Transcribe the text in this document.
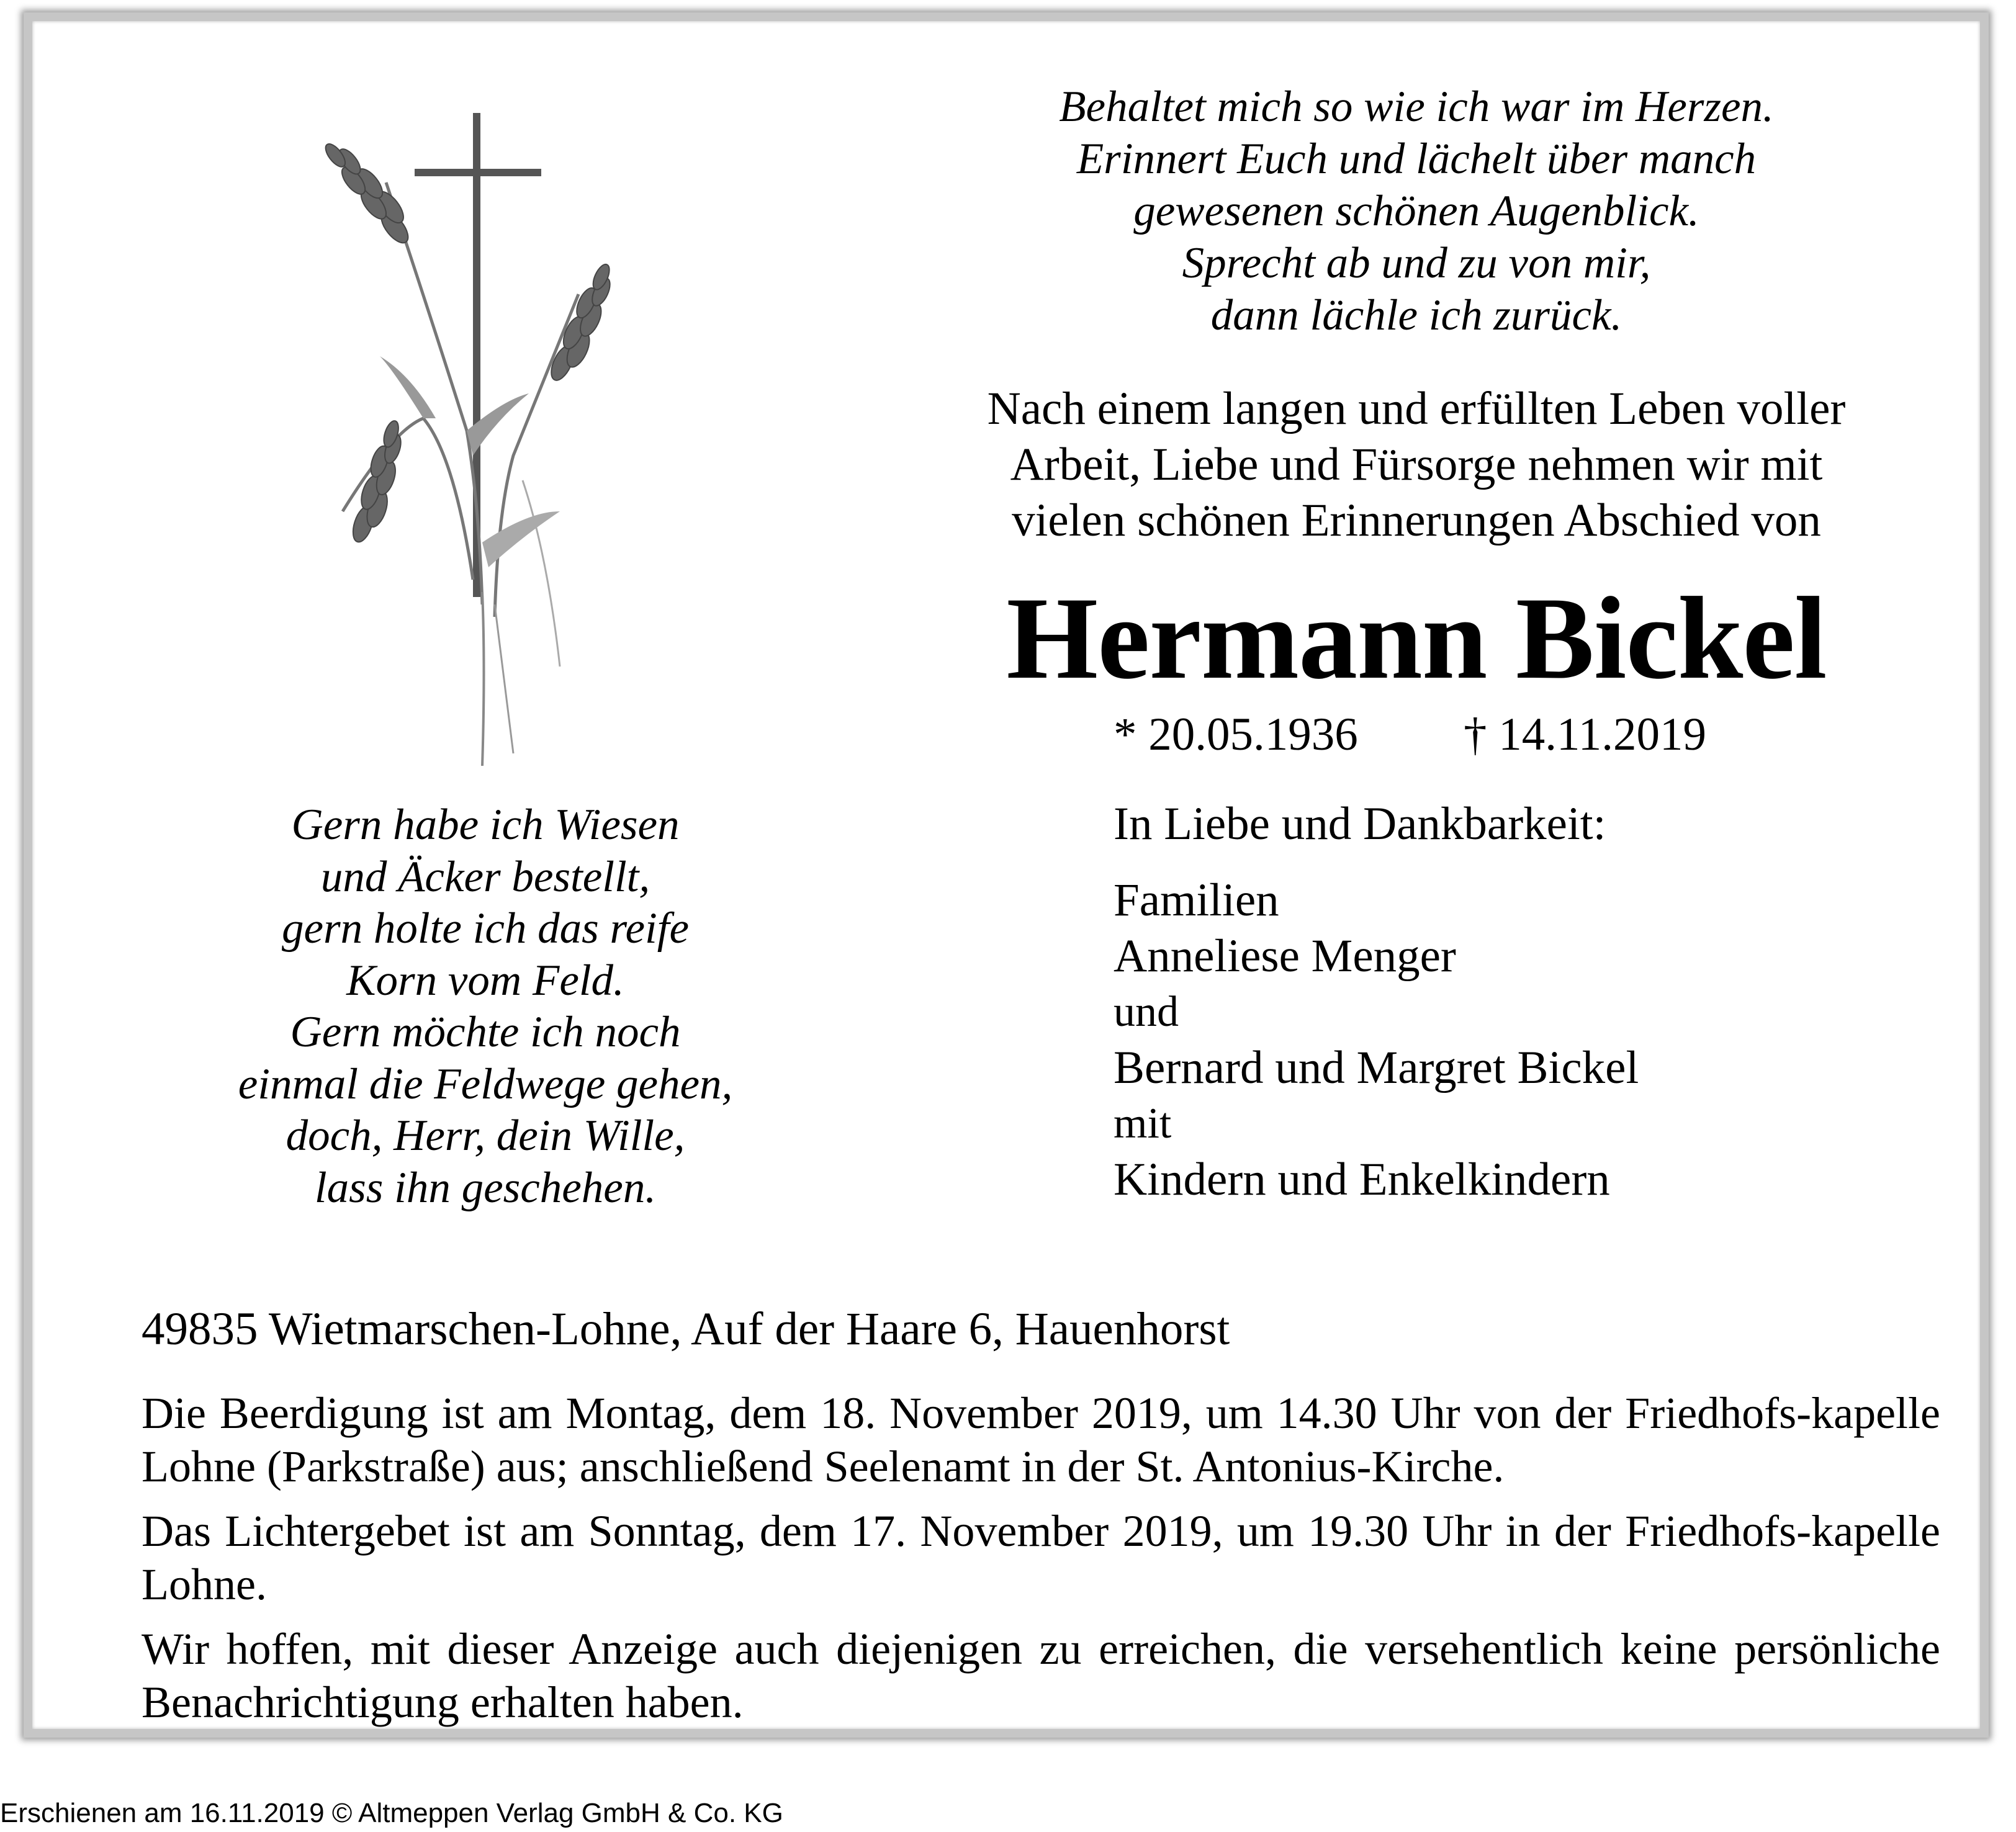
Behaltet mich so wie ich war im Herzen.
Erinnert Euch und lächelt über manch
gewesenen schönen Augenblick.
Sprecht ab und zu von mir,
dann lächle ich zurück.
Nach einem langen und erfüllten Leben voller
Arbeit, Liebe und Fürsorge nehmen wir mit
vielen schönen Erinnerungen Abschied von
Hermann Bickel
* 20.05.1936 † 14.11.2019
In Liebe und Dankbarkeit:
Familien
Anneliese Menger
und
Bernard und Margret Bickel
mit
Kindern und Enkelkindern
Gern habe ich Wiesen
und Äcker bestellt,
gern holte ich das reife
Korn vom Feld.
Gern möchte ich noch
einmal die Feldwege gehen,
doch, Herr, dein Wille,
lass ihn geschehen.
49835 Wietmarschen-Lohne, Auf der Haare 6, Hauenhorst
Die Beerdigung ist am Montag, dem 18. November 2019, um 14.30 Uhr von der Friedhofs-kapelle Lohne (Parkstraße) aus; anschließend Seelenamt in der St. Antonius-Kirche.
Das Lichtergebet ist am Sonntag, dem 17. November 2019, um 19.30 Uhr in der Friedhofs-kapelle Lohne.
Wir hoffen, mit dieser Anzeige auch diejenigen zu erreichen, die versehentlich keine persönliche Benachrichtigung erhalten haben.
Erschienen am 16.11.2019 © Altmeppen Verlag GmbH & Co. KG
